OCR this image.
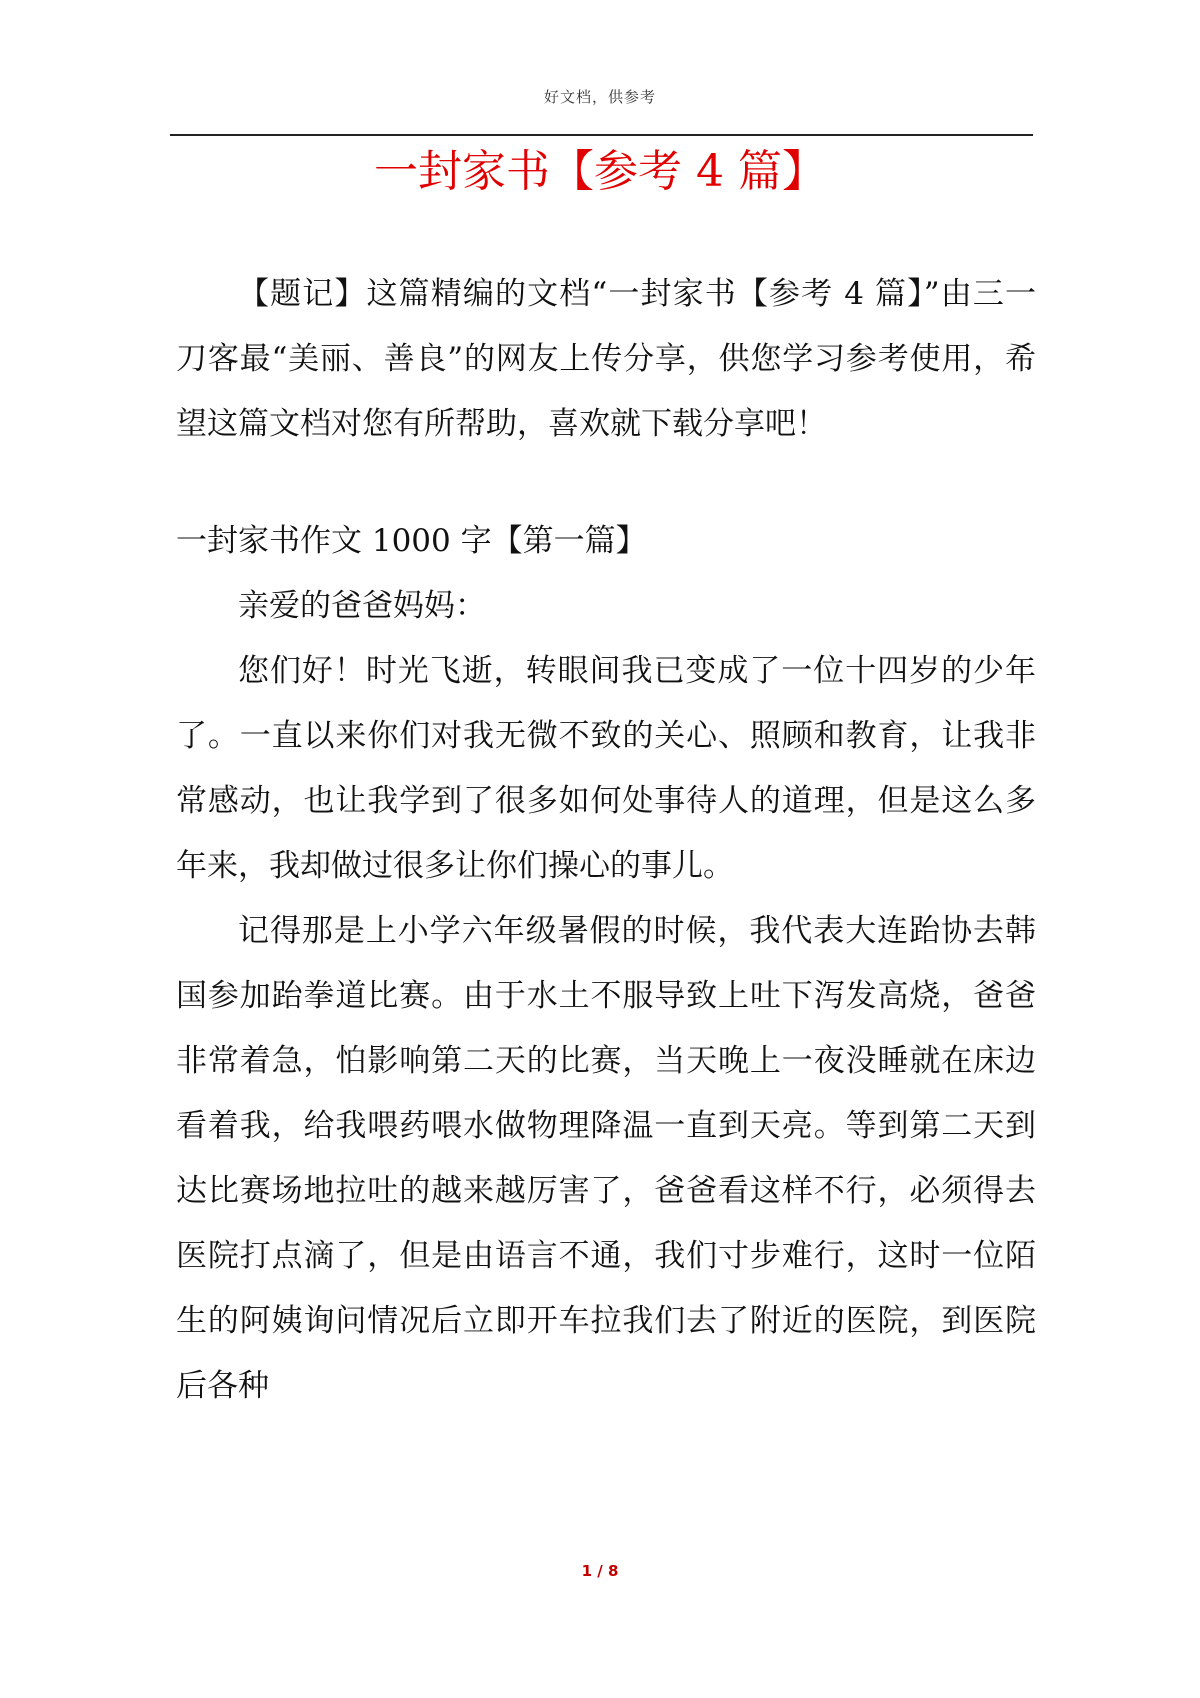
好文档，供参考
一封家书【参考 4 篇】

【题记】这篇精编的文档“一封家书【参考 4 篇】”由三一刀客最“美丽、善良”的网友上传分享，供您学习参考使用，希望这篇文档对您有所帮助，喜欢就下载分享吧！

一封家书作文 1000 字【第一篇】

亲爱的爸爸妈妈：

您们好！时光飞逝，转眼间我已变成了一位十四岁的少年了。一直以来你们对我无微不致的关心、照顾和教育，让我非常感动，也让我学到了很多如何处事待人的道理，但是这么多年来，我却做过很多让你们操心的事儿。

记得那是上小学六年级暑假的时候，我代表大连跆协去韩国参加跆拳道比赛。由于水土不服导致上吐下泻发高烧，爸爸非常着急，怕影响第二天的比赛，当天晚上一夜没睡就在床边看着我，给我喂药喂水做物理降温一直到天亮。等到第二天到达比赛场地拉吐的越来越厉害了，爸爸看这样不行，必须得去医院打点滴了，但是由语言不通，我们寸步难行，这时一位陌生的阿姨询问情况后立即开车拉我们去了附近的医院，到医院后各种

1 / 8
